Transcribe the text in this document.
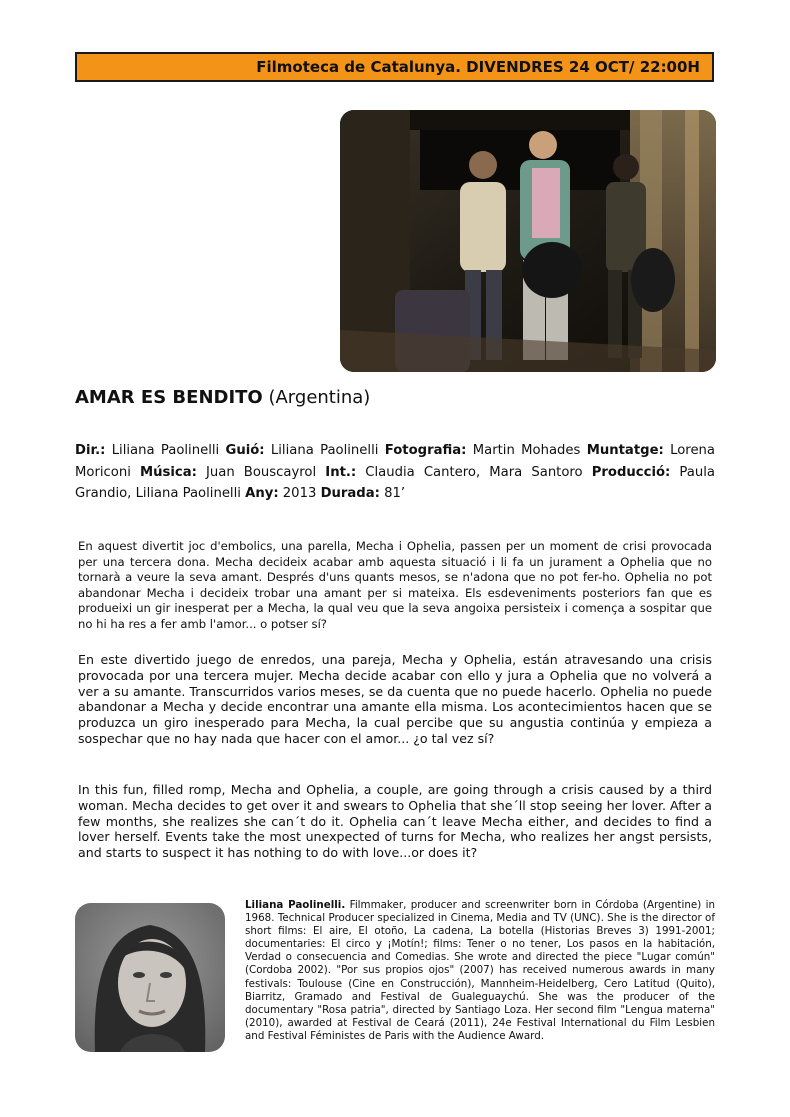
Filmoteca de Catalunya. DIVENDRES 24 OCT/ 22:00H
AMAR ES BENDITO (Argentina)
Dir.: Liliana Paolinelli Guió: Liliana Paolinelli Fotografia: Martin Mohades Muntatge: Lorena Moriconi Música: Juan Bouscayrol Int.: Claudia Cantero, Mara Santoro Producció: Paula Grandio, Liliana Paolinelli Any: 2013 Durada: 81’
En aquest divertit joc d'embolics, una parella, Mecha i Ophelia, passen per un moment de crisi provocada per una tercera dona. Mecha decideix acabar amb aquesta situació i li fa un jurament a Ophelia que no tornarà a veure la seva amant. Després d'uns quants mesos, se n'adona que no pot fer-ho. Ophelia no pot abandonar Mecha i decideix trobar una amant per si mateixa. Els esdeveniments posteriors fan que es produeixi un gir inesperat per a Mecha, la qual veu que la seva angoixa persisteix i comença a sospitar que no hi ha res a fer amb l'amor... o potser sí?
En este divertido juego de enredos, una pareja, Mecha y Ophelia, están atravesando una crisis provocada por una tercera mujer. Mecha decide acabar con ello y jura a Ophelia que no volverá a ver a su amante. Transcurridos varios meses, se da cuenta que no puede hacerlo. Ophelia no puede abandonar a Mecha y decide encontrar una amante ella misma. Los acontecimientos hacen que se produzca un giro inesperado para Mecha, la cual percibe que su angustia continúa y empieza a sospechar que no hay nada que hacer con el amor... ¿o tal vez sí?
In this fun, filled romp, Mecha and Ophelia, a couple, are going through a crisis caused by a third woman. Mecha decides to get over it and swears to Ophelia that she´ll stop seeing her lover. After a few months, she realizes she can´t do it. Ophelia can´t leave Mecha either, and decides to find a lover herself. Events take the most unexpected of turns for Mecha, who realizes her angst persists, and starts to suspect it has nothing to do with love...or does it?
Liliana Paolinelli. Filmmaker, producer and screenwriter born in Córdoba (Argentine) in 1968. Technical Producer specialized in Cinema, Media and TV (UNC). She is the director of short films: El aire, El otoño, La cadena, La botella (Historias Breves 3) 1991-2001; documentaries: El circo y ¡Motín!; films: Tener o no tener, Los pasos en la habitación, Verdad o consecuencia and Comedias. She wrote and directed the piece "Lugar común" (Cordoba 2002). "Por sus propios ojos" (2007) has received numerous awards in many festivals: Toulouse (Cine en Construcción), Mannheim-Heidelberg, Cero Latitud (Quito), Biarritz, Gramado and Festival de Gualeguaychú. She was the producer of the documentary "Rosa patria", directed by Santiago Loza. Her second film "Lengua materna" (2010), awarded at Festival de Ceará (2011), 24e Festival International du Film Lesbien and Festival Féministes de Paris with the Audience Award.
